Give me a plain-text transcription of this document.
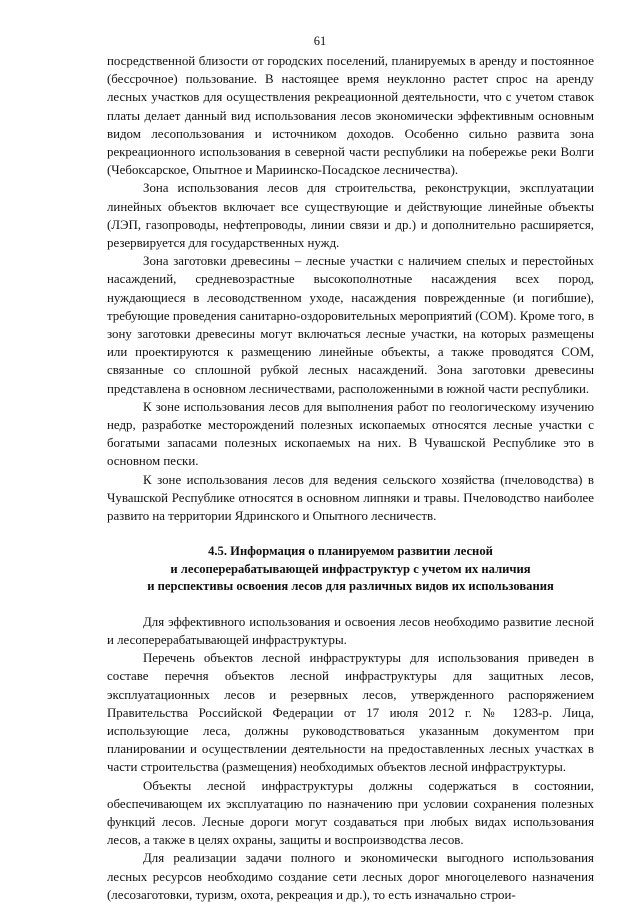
61

посредственной близости от городских поселений, планируемых в аренду и постоянное (бессрочное) пользование. В настоящее время неуклонно растет спрос на аренду лесных участков для осуществления рекреационной деятельности, что с учетом ставок платы делает данный вид использования лесов экономически эффективным основным видом лесопользования и источником доходов. Особенно сильно развита зона рекреационного использования в северной части республики на побережье реки Волги (Чебоксарское, Опытное и Мариинско-Посадское лесничества).

Зона использования лесов для строительства, реконструкции, эксплуатации линейных объектов включает все существующие и действующие линейные объекты (ЛЭП, газопроводы, нефтепроводы, линии связи и др.) и дополнительно расширяется, резервируется для государственных нужд.

Зона заготовки древесины – лесные участки с наличием спелых и перестойных насаждений, средневозрастные высокополнотные насаждения всех пород, нуждающиеся в лесоводственном уходе, насаждения поврежденные (и погибшие), требующие проведения санитарно-оздоровительных мероприятий (СОМ). Кроме того, в зону заготовки древесины могут включаться лесные участки, на которых размещены или проектируются к размещению линейные объекты, а также проводятся СОМ, связанные со сплошной рубкой лесных насаждений. Зона заготовки древесины представлена в основном лесничествами, расположенными в южной части республики.

К зоне использования лесов для выполнения работ по геологическому изучению недр, разработке месторождений полезных ископаемых относятся лесные участки с богатыми запасами полезных ископаемых на них. В Чувашской Республике это в основном пески.

К зоне использования лесов для ведения сельского хозяйства (пчеловодства) в Чувашской Республике относятся в основном липняки и травы. Пчеловодство наиболее развито на территории Ядринского и Опытного лесничеств.

4.5. Информация о планируемом развитии лесной
и лесоперерабатывающей инфраструктур с учетом их наличия
и перспективы освоения лесов для различных видов их использования

Для эффективного использования и освоения лесов необходимо развитие лесной и лесоперерабатывающей инфраструктуры.

Перечень объектов лесной инфраструктуры для использования приведен в составе перечня объектов лесной инфраструктуры для защитных лесов, эксплуатационных лесов и резервных лесов, утвержденного распоряжением Правительства Российской Федерации от 17 июля 2012 г. № 1283-р. Лица, использующие леса, должны руководствоваться указанным документом при планировании и осуществлении деятельности на предоставленных лесных участках в части строительства (размещения) необходимых объектов лесной инфраструктуры.

Объекты лесной инфраструктуры должны содержаться в состоянии, обеспечивающем их эксплуатацию по назначению при условии сохранения полезных функций лесов. Лесные дороги могут создаваться при любых видах использования лесов, а также в целях охраны, защиты и воспроизводства лесов.

Для реализации задачи полного и экономически выгодного использования лесных ресурсов необходимо создание сети лесных дорог многоцелевого назначения (лесозаготовки, туризм, охота, рекреация и др.), то есть изначально строи-
